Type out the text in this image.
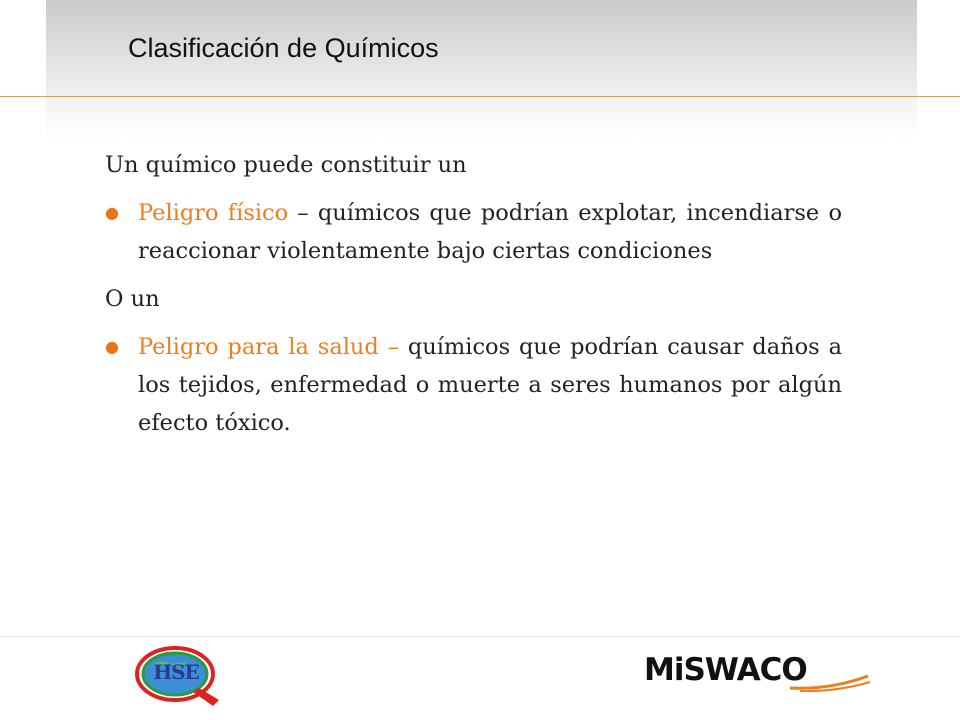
Clasificación de Químicos

Un químico puede constituir un

● Peligro físico – químicos que podrían explotar, incendiarse o reaccionar violentamente bajo ciertas condiciones

O un

● Peligro para la salud – químicos que podrían causar daños a los tejidos, enfermedad o muerte a seres humanos por algún efecto tóxico.
HSE	MiSWACO
